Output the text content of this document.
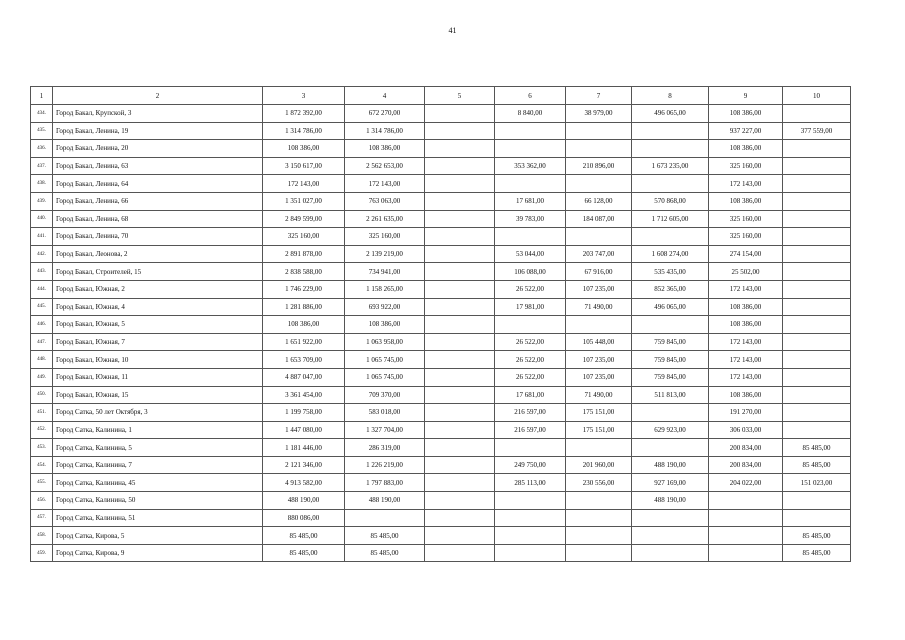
41
1	2	3	4	5	6	7	8	9	10
434.	Город Бакал, Крупской, 3	1 872 392,00	672 270,00		8 840,00	38 979,00	496 065,00	108 386,00	
435.	Город Бакал, Ленина, 19	1 314 786,00	1 314 786,00					937 227,00	377 559,00
436.	Город Бакал, Ленина, 20	108 386,00	108 386,00					108 386,00	
437.	Город Бакал, Ленина, 63	3 150 617,00	2 562 653,00		353 362,00	210 896,00	1 673 235,00	325 160,00	
438.	Город Бакал, Ленина, 64	172 143,00	172 143,00					172 143,00	
439.	Город Бакал, Ленина, 66	1 351 027,00	763 063,00		17 681,00	66 128,00	570 868,00	108 386,00	
440.	Город Бакал, Ленина, 68	2 849 599,00	2 261 635,00		39 783,00	184 087,00	1 712 605,00	325 160,00	
441.	Город Бакал, Ленина, 70	325 160,00	325 160,00					325 160,00	
442.	Город Бакал, Леонова, 2	2 891 878,00	2 139 219,00		53 044,00	203 747,00	1 608 274,00	274 154,00	
443.	Город Бакал, Строителей, 15	2 838 588,00	734 941,00		106 088,00	67 916,00	535 435,00	25 502,00	
444.	Город Бакал, Южная, 2	1 746 229,00	1 158 265,00		26 522,00	107 235,00	852 365,00	172 143,00	
445.	Город Бакал, Южная, 4	1 281 886,00	693 922,00		17 981,00	71 490,00	496 065,00	108 386,00	
446.	Город Бакал, Южная, 5	108 386,00	108 386,00					108 386,00	
447.	Город Бакал, Южная, 7	1 651 922,00	1 063 958,00		26 522,00	105 448,00	759 845,00	172 143,00	
448.	Город Бакал, Южная, 10	1 653 709,00	1 065 745,00		26 522,00	107 235,00	759 845,00	172 143,00	
449.	Город Бакал, Южная, 11	4 887 047,00	1 065 745,00		26 522,00	107 235,00	759 845,00	172 143,00	
450.	Город Бакал, Южная, 15	3 361 454,00	709 370,00		17 681,00	71 490,00	511 813,00	108 386,00	
451.	Город Сатка, 50 лет Октября, 3	1 199 758,00	583 018,00		216 597,00	175 151,00		191 270,00	
452.	Город Сатка, Калинина, 1	1 447 080,00	1 327 704,00		216 597,00	175 151,00	629 923,00	306 033,00	
453.	Город Сатка, Калинина, 5	1 181 446,00	286 319,00					200 834,00	85 485,00
454.	Город Сатка, Калинина, 7	2 121 346,00	1 226 219,00		249 750,00	201 960,00	488 190,00	200 834,00	85 485,00
455.	Город Сатка, Калинина, 45	4 913 582,00	1 797 883,00		285 113,00	230 556,00	927 169,00	204 022,00	151 023,00
456.	Город Сатка, Калинина, 50	488 190,00	488 190,00				488 190,00		
457.	Город Сатка, Калинина, 51	880 086,00							
458.	Город Сатка, Кирова, 5	85 485,00	85 485,00						85 485,00
459.	Город Сатка, Кирова, 9	85 485,00	85 485,00						85 485,00
